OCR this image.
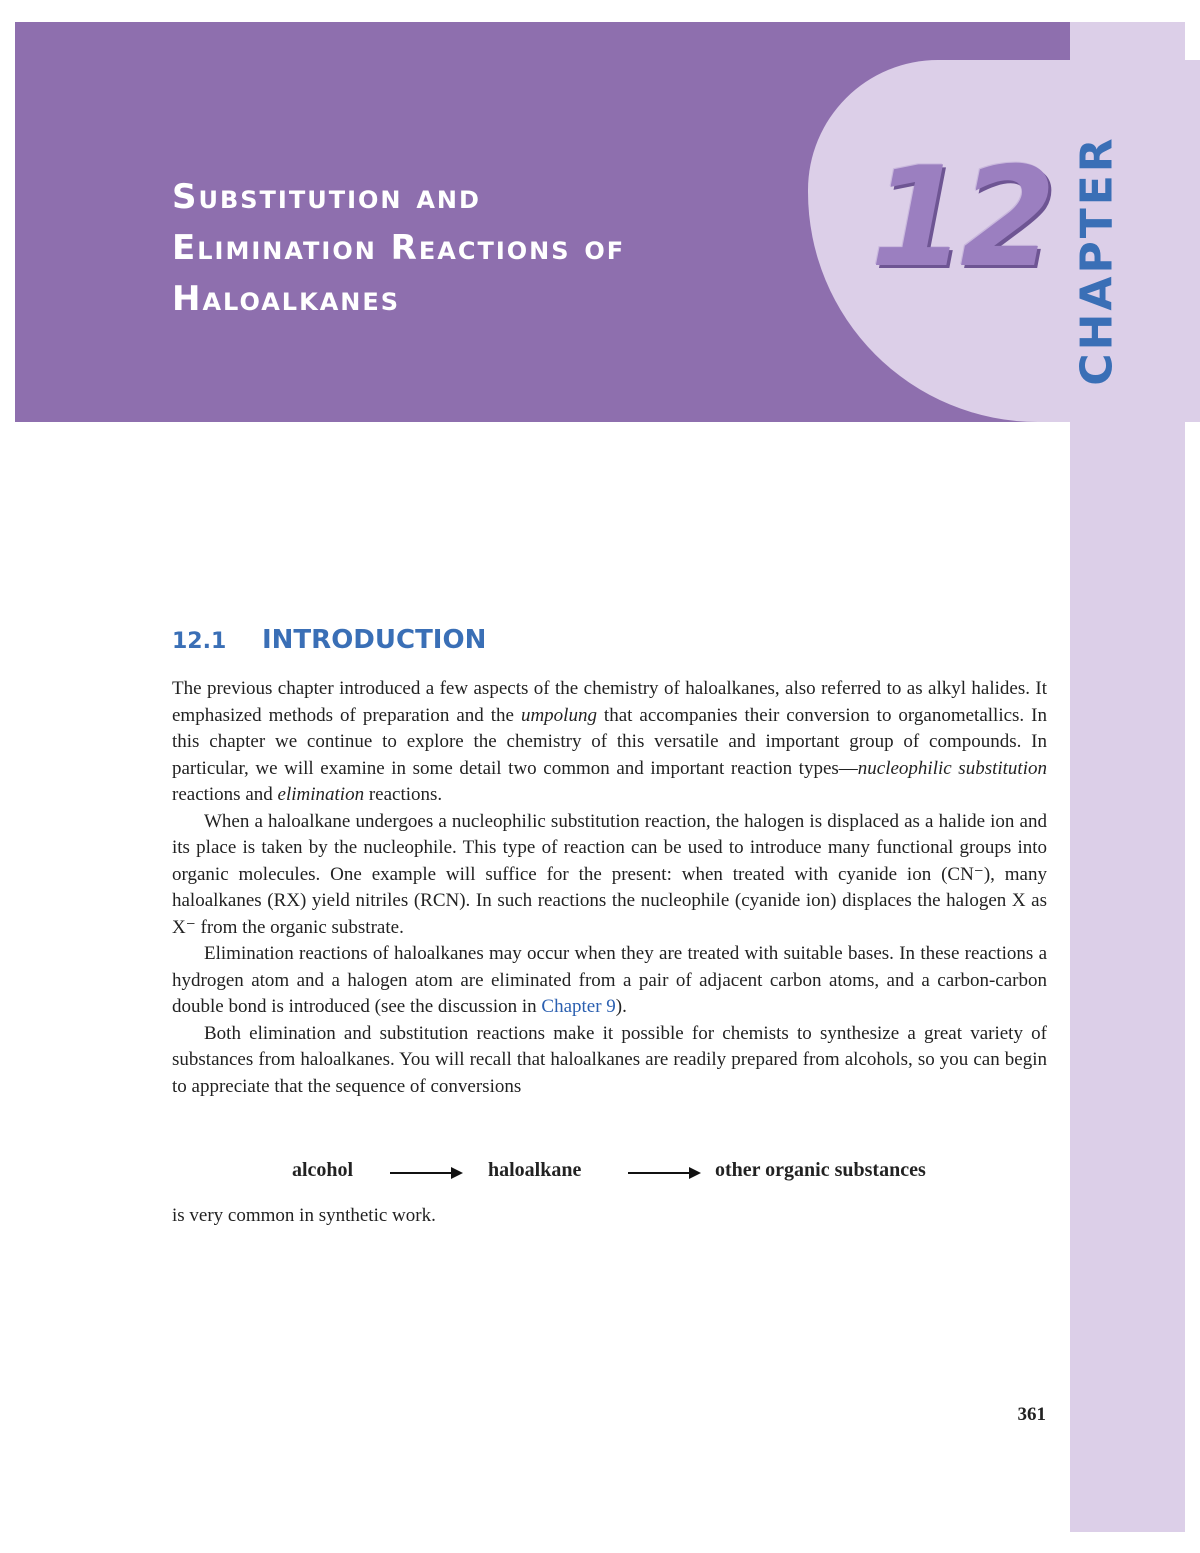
Substitution and
Elimination Reactions of
Haloalkanes
12 CHAPTER
12.1 INTRODUCTION

The previous chapter introduced a few aspects of the chemistry of haloalkanes, also referred to as alkyl halides. It emphasized methods of preparation and the umpolung that accompanies their conversion to organometallics. In this chapter we continue to explore the chemistry of this versatile and important group of compounds. In particular, we will examine in some detail two common and important reaction types—nucleophilic substitution reactions and elimination reactions.

When a haloalkane undergoes a nucleophilic substitution reaction, the halogen is displaced as a halide ion and its place is taken by the nucleophile. This type of reaction can be used to introduce many functional groups into organic molecules. One example will suffice for the present: when treated with cyanide ion (CN⁻), many haloalkanes (RX) yield nitriles (RCN). In such reactions the nucleophile (cyanide ion) displaces the halogen X as X⁻ from the organic substrate.

Elimination reactions of haloalkanes may occur when they are treated with suitable bases. In these reactions a hydrogen atom and a halogen atom are eliminated from a pair of adjacent carbon atoms, and a carbon-carbon double bond is introduced (see the discussion in Chapter 9).

Both elimination and substitution reactions make it possible for chemists to synthesize a great variety of substances from haloalkanes. You will recall that haloalkanes are readily prepared from alcohols, so you can begin to appreciate that the sequence of conversions

alcohol	haloalkane	other organic substances

is very common in synthetic work.

361
